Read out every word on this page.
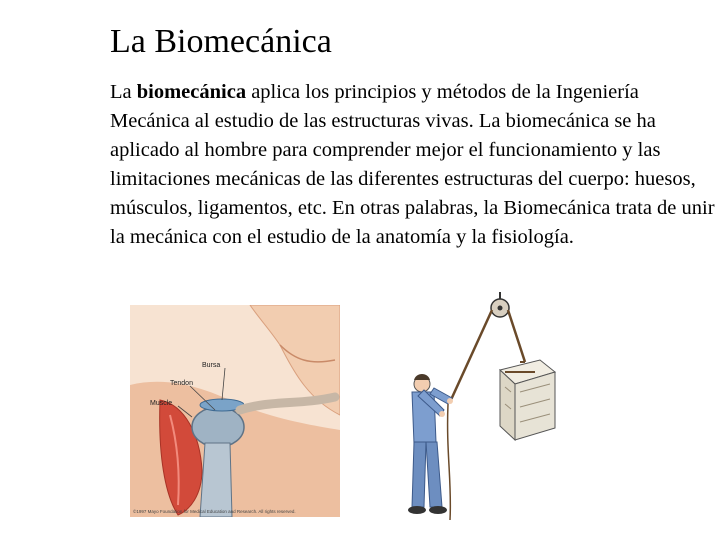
La Biomecánica
La biomecánica aplica los principios y métodos de la Ingeniería Mecánica al estudio de las estructuras vivas. La biomecánica se ha aplicado al hombre para comprender mejor el funcionamiento y las limitaciones mecánicas de las diferentes estructuras del cuerpo: huesos, músculos, ligamentos, etc. En otras palabras, la Biomecánica trata de unir la mecánica con el estudio de la anatomía y la fisiología.
Bursa
Tendon
Muscle
©1997 Mayo Foundation for Medical Education and Research. All rights reserved.
